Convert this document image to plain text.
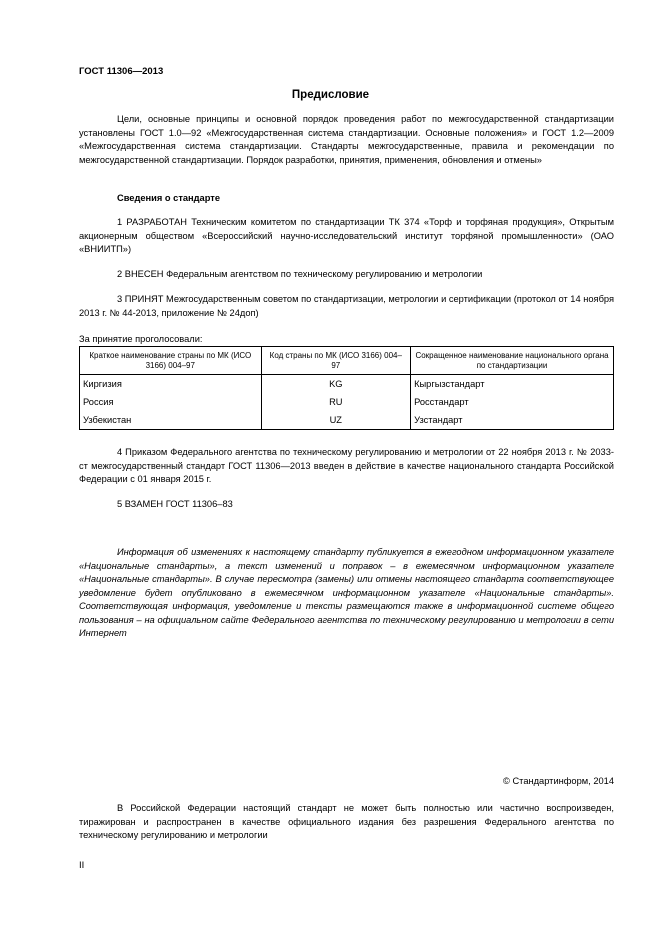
ГОСТ 11306—2013
Предисловие

Цели, основные принципы и основной порядок проведения работ по межгосударственной стандартизации установлены ГОСТ 1.0—92 «Межгосударственная система стандартизации. Основные положения» и ГОСТ 1.2—2009 «Межгосударственная система стандартизации. Стандарты межгосударственные, правила и рекомендации по межгосударственной стандартизации. Порядок разработки, принятия, применения, обновления и отмены»

Сведения о стандарте

1 РАЗРАБОТАН Техническим комитетом по стандартизации ТК 374 «Торф и торфяная продукция», Открытым акционерным обществом «Всероссийский научно-исследовательский институт торфяной промышленности» (ОАО «ВНИИТП»)

2 ВНЕСЕН Федеральным агентством по техническому регулированию и метрологии

3 ПРИНЯТ Межгосударственным советом по стандартизации, метрологии и сертификации (протокол от 14 ноября 2013 г. № 44-2013, приложение № 24доп)

За принятие проголосовали:
Краткое наименование страны по МК (ИСО 3166) 004–97	Код страны по МК (ИСО 3166) 004–97	Сокращенное наименование национального органа по стандартизации
Киргизия	KG	Кыргызстандарт
Россия	RU	Росстандарт
Узбекистан	UZ	Узстандарт

4 Приказом Федерального агентства по техническому регулированию и метрологии от 22 ноября 2013 г. № 2033-ст межгосударственный стандарт ГОСТ 11306—2013 введен в действие в качестве национального стандарта Российской Федерации с 01 января 2015 г.

5 ВЗАМЕН ГОСТ 11306–83

Информация об изменениях к настоящему стандарту публикуется в ежегодном информационном указателе «Национальные стандарты», а текст изменений и поправок – в ежемесячном информационном указателе «Национальные стандарты». В случае пересмотра (замены) или отмены настоящего стандарта соответствующее уведомление будет опубликовано в ежемесячном информационном указателе «Национальные стандарты». Соответствующая информация, уведомление и тексты размещаются также в информационной системе общего пользования – на официальном сайте Федерального агентства по техническому регулированию и метрологии в сети Интернет

© Стандартинформ, 2014

В Российской Федерации настоящий стандарт не может быть полностью или частично воспроизведен, тиражирован и распространен в качестве официального издания без разрешения Федерального агентства по техническому регулированию и метрологии

II
